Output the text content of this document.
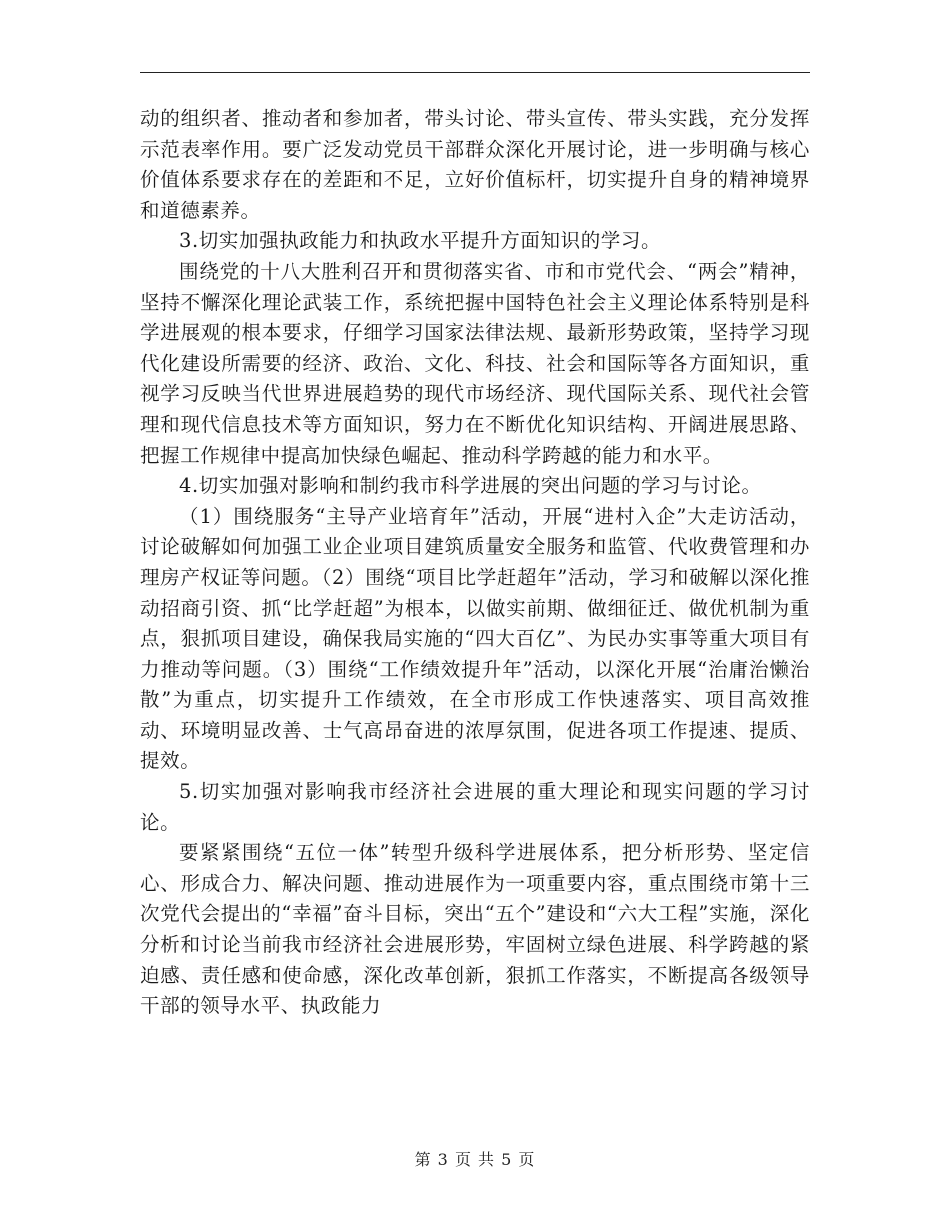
动的组织者、推动者和参加者，带头讨论、带头宣传、带头实践，充分发挥示范表率作用。要广泛发动党员干部群众深化开展讨论，进一步明确与核心价值体系要求存在的差距和不足，立好价值标杆，切实提升自身的精神境界和道德素养。

3.切实加强执政能力和执政水平提升方面知识的学习。

围绕党的十八大胜利召开和贯彻落实省、市和市党代会、“两会”精神，坚持不懈深化理论武装工作，系统把握中国特色社会主义理论体系特别是科学进展观的根本要求，仔细学习国家法律法规、最新形势政策，坚持学习现代化建设所需要的经济、政治、文化、科技、社会和国际等各方面知识，重视学习反映当代世界进展趋势的现代市场经济、现代国际关系、现代社会管理和现代信息技术等方面知识，努力在不断优化知识结构、开阔进展思路、把握工作规律中提高加快绿色崛起、推动科学跨越的能力和水平。

4.切实加强对影响和制约我市科学进展的突出问题的学习与讨论。

（1）围绕服务“主导产业培育年”活动，开展“进村入企”大走访活动，讨论破解如何加强工业企业项目建筑质量安全服务和监管、代收费管理和办理房产权证等问题。（2）围绕“项目比学赶超年”活动，学习和破解以深化推动招商引资、抓“比学赶超”为根本，以做实前期、做细征迁、做优机制为重点，狠抓项目建设，确保我局实施的“四大百亿”、为民办实事等重大项目有力推动等问题。（3）围绕“工作绩效提升年”活动，以深化开展“治庸治懒治散”为重点，切实提升工作绩效，在全市形成工作快速落实、项目高效推动、环境明显改善、士气高昂奋进的浓厚氛围，促进各项工作提速、提质、提效。

5.切实加强对影响我市经济社会进展的重大理论和现实问题的学习讨论。

要紧紧围绕“五位一体”转型升级科学进展体系，把分析形势、坚定信心、形成合力、解决问题、推动进展作为一项重要内容，重点围绕市第十三次党代会提出的“幸福”奋斗目标，突出“五个”建设和“六大工程”实施，深化分析和讨论当前我市经济社会进展形势，牢固树立绿色进展、科学跨越的紧迫感、责任感和使命感，深化改革创新，狠抓工作落实，不断提高各级领导干部的领导水平、执政能力

第 3 页 共 5 页
